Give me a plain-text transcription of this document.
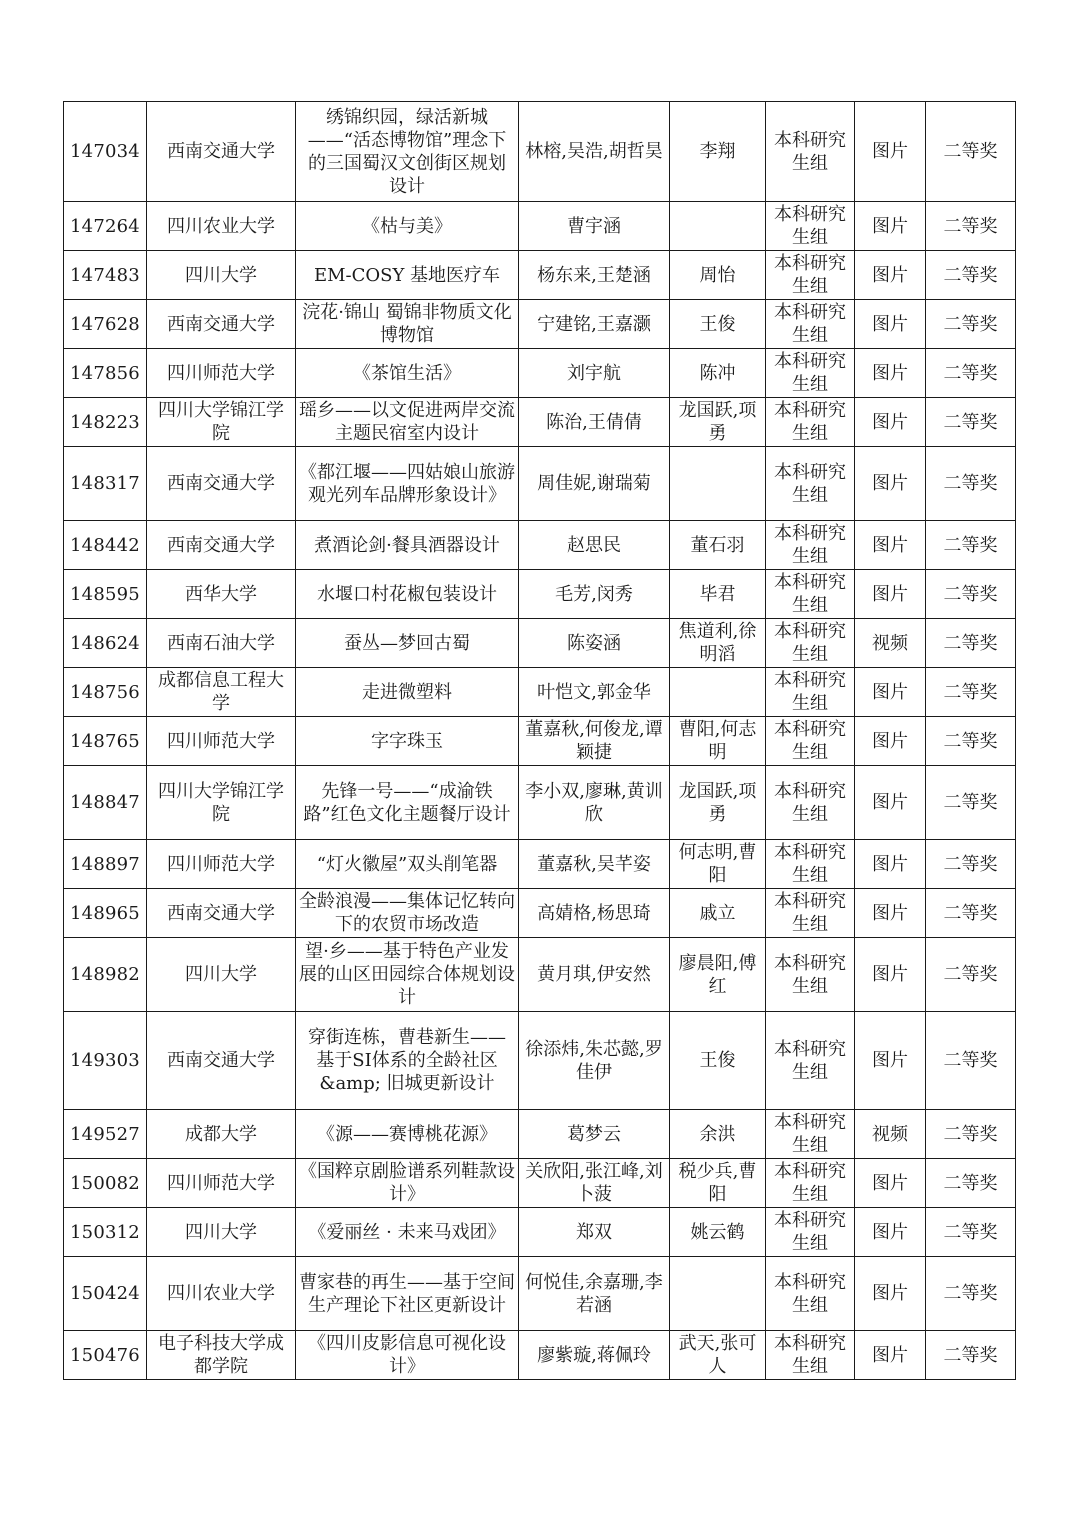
147034	西南交通大学	绣锦织园，绿活新城——“活态博物馆”理念下的三国蜀汉文创街区规划设计	林榕,吴浩,胡哲昊	李翔	本科研究生组	图片	二等奖
147264	四川农业大学	《枯与美》	曹宇涵		本科研究生组	图片	二等奖
147483	四川大学	EM-COSY 基地医疗车	杨东来,王楚涵	周怡	本科研究生组	图片	二等奖
147628	西南交通大学	浣花·锦山 蜀锦非物质文化博物馆	宁建铭,王嘉灏	王俊	本科研究生组	图片	二等奖
147856	四川师范大学	《茶馆生活》	刘宇航	陈冲	本科研究生组	图片	二等奖
148223	四川大学锦江学院	瑶乡——以文促进两岸交流主题民宿室内设计	陈治,王倩倩	龙国跃,项勇	本科研究生组	图片	二等奖
148317	西南交通大学	《都江堰——四姑娘山旅游观光列车品牌形象设计》	周佳妮,谢瑞菊		本科研究生组	图片	二等奖
148442	西南交通大学	煮酒论剑·餐具酒器设计	赵思民	董石羽	本科研究生组	图片	二等奖
148595	西华大学	水堰口村花椒包装设计	毛芳,闵秀	毕君	本科研究生组	图片	二等奖
148624	西南石油大学	蚕丛—梦回古蜀	陈姿涵	焦道利,徐明滔	本科研究生组	视频	二等奖
148756	成都信息工程大学	走进微塑料	叶恺文,郭金华		本科研究生组	图片	二等奖
148765	四川师范大学	字字珠玉	董嘉秋,何俊龙,谭颖捷	曹阳,何志明	本科研究生组	图片	二等奖
148847	四川大学锦江学院	先锋一号——“成渝铁路”红色文化主题餐厅设计	李小双,廖琳,黄训欣	龙国跃,项勇	本科研究生组	图片	二等奖
148897	四川师范大学	“灯火徽屋”双头削笔器	董嘉秋,吴芊姿	何志明,曹阳	本科研究生组	图片	二等奖
148965	西南交通大学	全龄浪漫——集体记忆转向下的农贸市场改造	高婧格,杨思琦	戚立	本科研究生组	图片	二等奖
148982	四川大学	望·乡——基于特色产业发展的山区田园综合体规划设计	黄月琪,伊安然	廖晨阳,傅红	本科研究生组	图片	二等奖
149303	西南交通大学	穿街连栋，曹巷新生——基于SI体系的全龄社区 &amp; 旧城更新设计	徐添炜,朱芯懿,罗佳伊	王俊	本科研究生组	图片	二等奖
149527	成都大学	《源——赛博桃花源》	葛梦云	余洪	本科研究生组	视频	二等奖
150082	四川师范大学	《国粹京剧脸谱系列鞋款设计》	关欣阳,张江峰,刘卜菠	税少兵,曹阳	本科研究生组	图片	二等奖
150312	四川大学	《爱丽丝 · 未来马戏团》	郑双	姚云鹤	本科研究生组	图片	二等奖
150424	四川农业大学	曹家巷的再生——基于空间生产理论下社区更新设计	何悦佳,余嘉珊,李若涵		本科研究生组	图片	二等奖
150476	电子科技大学成都学院	《四川皮影信息可视化设计》	廖紫璇,蒋佩玲	武天,张可人	本科研究生组	图片	二等奖
